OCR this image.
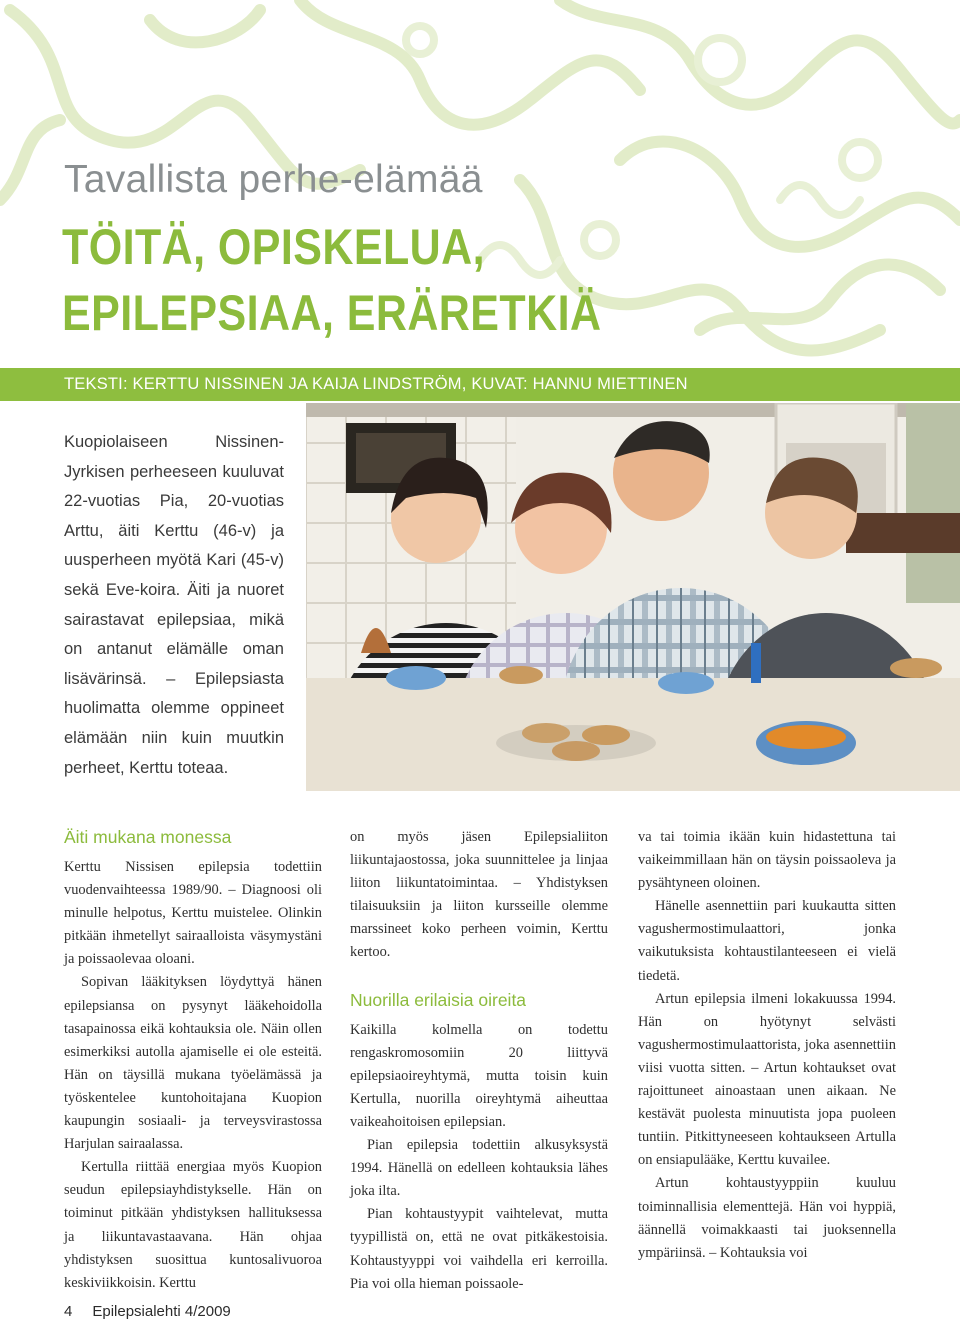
Tavallista perhe-elämää
TÖITÄ, OPISKELUA,
EPILEPSIAA, ERÄRETKIÄ
TEKSTI: KERTTU NISSINEN JA KAIJA LINDSTRÖM, KUVAT: HANNU MIETTINEN
Kuopiolaiseen Nissinen-Jyrkisen perheeseen kuuluvat 22-vuotias Pia, 20-vuotias Arttu, äiti Kerttu (46-v) ja uusperheen myötä Kari (45-v) sekä Eve-koira. Äiti ja nuoret sairastavat epilepsiaa, mikä on antanut elämälle oman lisävärinsä. – Epilepsiasta huolimatta olemme oppineet elämään niin kuin muutkin perheet, Kerttu toteaa.
Äiti mukana monessa

Kerttu Nissisen epilepsia todettiin vuodenvaihteessa 1989/90. – Diagnoosi oli minulle helpotus, Kerttu muistelee. Olinkin pitkään ihmetellyt sairaalloista väsymystäni ja poissaolevaa oloani.

Sopivan lääkityksen löydyttyä hänen epilepsiansa on pysynyt lääkehoidolla tasapainossa eikä kohtauksia ole. Näin ollen esimerkiksi autolla ajamiselle ei ole esteitä. Hän on täysillä mukana työelämässä ja työskentelee kuntohoitajana Kuopion kaupungin sosiaali- ja terveysvirastossa Harjulan sairaalassa.

Kertulla riittää energiaa myös Kuopion seudun epilepsiayhdistykselle. Hän on toiminut pitkään yhdistyksen hallituksessa ja liikuntavastaavana. Hän ohjaa yhdistyksen suosittua kuntosalivuoroa keskiviikkoisin. Kerttu

on myös jäsen Epilepsialiiton liikuntajaostossa, joka suunnittelee ja linjaa liiton liikuntatoimintaa. – Yhdistyksen tilaisuuksiin ja liiton kursseille olemme marssineet koko perheen voimin, Kerttu kertoo.

Nuorilla erilaisia oireita

Kaikilla kolmella on todettu rengaskromosomiin 20 liittyvä epilepsiaoireyhtymä, mutta toisin kuin Kertulla, nuorilla oireyhtymä aiheuttaa vaikeahoitoisen epilepsian.

Pian epilepsia todettiin alkusyksystä 1994. Hänellä on edelleen kohtauksia lähes joka ilta.

Pian kohtaustyypit vaihtelevat, mutta tyypillistä on, että ne ovat pitkäkestoisia. Kohtaustyyppi voi vaihdella eri kerroilla. Pia voi olla hieman poissaole-

va tai toimia ikään kuin hidastettuna tai vaikeimmillaan hän on täysin poissaoleva ja pysähtyneen oloinen.

Hänelle asennettiin pari kuukautta sitten vagushermostimulaattori, jonka vaikutuksista kohtaustilanteeseen ei vielä tiedetä.

Artun epilepsia ilmeni lokakuussa 1994. Hän on hyötynyt selvästi vagushermostimulaattorista, joka asennettiin viisi vuotta sitten. – Artun kohtaukset ovat rajoittuneet ainoastaan unen aikaan. Ne kestävät puolesta minuutista jopa puoleen tuntiin. Pitkittyneeseen kohtaukseen Artulla on ensiapulääke, Kerttu kuvailee.

Artun kohtaustyyppiin kuuluu toiminnallisia elementtejä. Hän voi hyppiä, äännellä voimakkaasti tai juoksennella ympäriinsä. – Kohtauksia voi

4 Epilepsialehti 4/2009
